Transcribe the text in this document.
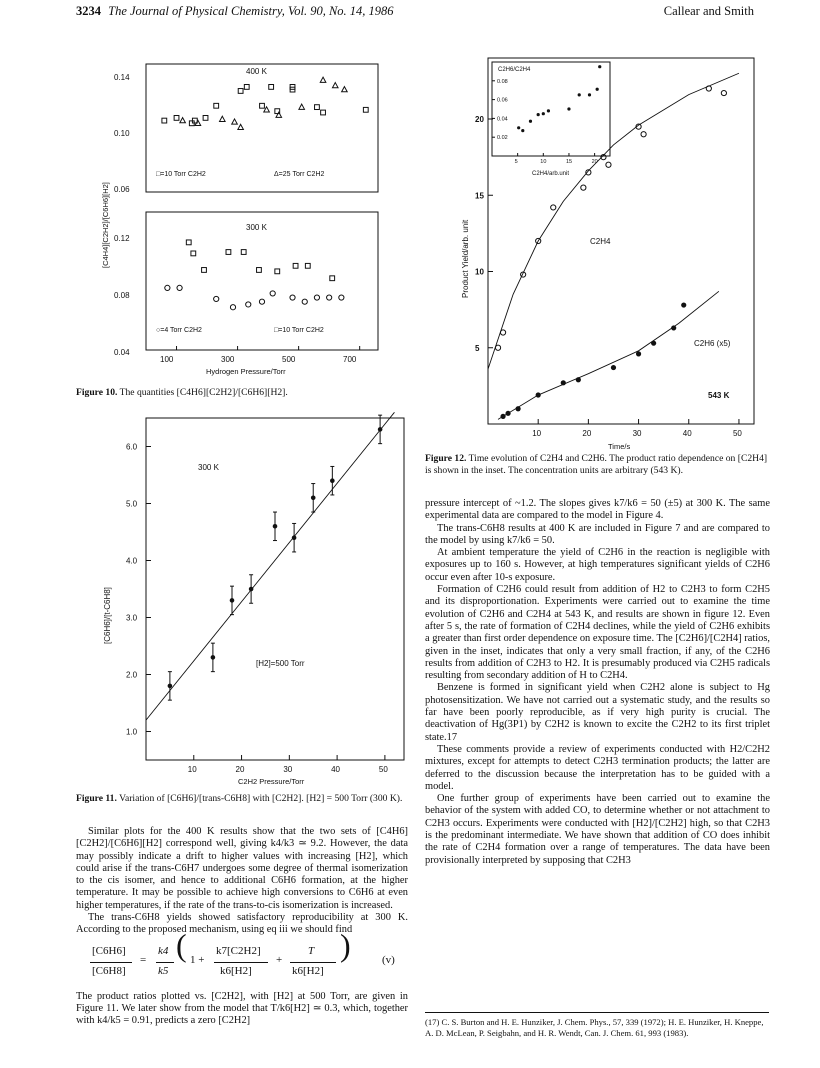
3234 The Journal of Physical Chemistry, Vol. 90, No. 14, 1986	Callear and Smith
400 K
300 K
0.14
0.10
0.06
0.12
0.08
0.04
□=10 Torr C2H2	Δ=25 Torr C2H2
○=4 Torr C2H2	□=10 Torr C2H2
100	300	500	700
Hydrogen Pressure/Torr
[C4H4][C2H2]/[C6H6][H2]
Figure 10. The quantities [C4H6][C2H2]/[C6H6][H2].
300 K
[H2]=500 Torr
[C6H6]/[t-C6H8]
C2H2 Pressure/Torr
6.0
5.0
4.0
3.0
2.0
1.0
10	20	30	40	50
Figure 11. Variation of [C6H6]/[trans-C6H8] with [C2H2]. [H2] = 500 Torr (300 K).

Similar plots for the 400 K results show that the two sets of [C4H6][C2H2]/[C6H6][H2] correspond well, giving k4/k3 ≃ 9.2. However, the data may possibly indicate a drift to higher values with increasing [H2], which could arise if the trans-C6H7 undergoes some degree of thermal isomerization to the cis isomer, and hence to additional C6H6 formation, at the higher temperature. It may be possible to achieve high conversions to C6H6 at even higher temperatures, if the rate of the trans-to-cis isomerization is increased.

The trans-C6H8 yields showed satisfactory reproducibility at 300 K. According to the proposed mechanism, using eq iii we should find

[C6H6]
[C6H8]
=
k4
k5
( 1 +
k7[C2H2]
k6[H2]
+
T
k6[H2]
)	(v)

The product ratios plotted vs. [C2H2], with [H2] at 500 Torr, are given in Figure 11. We later show from the model that T/k6[H2] ≃ 0.3, which, together with k4/k5 = 0.91, predicts a zero [C2H2]

C2H6/C2H4
C2H4/arb.unit
Product Yield/arb. unit
Time/s
C2H4
C2H6 (x5)
543 K
20
15
10
5
10	20	30	40	50
0.08
0.06
0.04
0.02
5	10	15	20
Figure 12. Time evolution of C2H4 and C2H6. The product ratio dependence on [C2H4] is shown in the inset. The concentration units are arbitrary (543 K).

pressure intercept of ~1.2. The slopes gives k7/k6 = 50 (±5) at 300 K. The same experimental data are compared to the model in Figure 4.

The trans-C6H8 results at 400 K are included in Figure 7 and are compared to the model by using k7/k6 = 50.

At ambient temperature the yield of C2H6 in the reaction is negligible with exposures up to 160 s. However, at high temperatures significant yields of C2H6 occur even after 10-s exposure.

Formation of C2H6 could result from addition of H2 to C2H3 to form C2H5 and its disproportionation. Experiments were carried out to examine the time evolution of C2H6 and C2H4 at 543 K, and results are shown in figure 12. Even after 5 s, the rate of formation of C2H4 declines, while the yield of C2H6 exhibits a greater than first order dependence on exposure time. The [C2H6]/[C2H4] ratios, given in the inset, indicates that only a very small fraction, if any, of the C2H6 results from addition of C2H3 to H2. It is presumably produced via C2H5 radicals resulting from secondary addition of H to C2H4.

Benzene is formed in significant yield when C2H2 alone is subject to Hg photosensitization. We have not carried out a systematic study, and the results so far have been poorly reproducible, as if very high purity is crucial. The deactivation of Hg(3P1) by C2H2 is known to excite the C2H2 to its first triplet state.17

These comments provide a review of experiments conducted with H2/C2H2 mixtures, except for attempts to detect C2H3 termination products; the latter are deferred to the discussion because the interpretation has to be guided with a model.

One further group of experiments have been carried out to examine the behavior of the system with added CO, to determine whether or not attachment to C2H3 occurs. Experiments were conducted with [H2]/[C2H2] high, so that C2H3 is the predominant intermediate. We have shown that addition of CO does inhibit the rate of C2H4 formation over a range of temperatures. The data have been provisionally interpreted by supposing that C2H3

(17) C. S. Burton and H. E. Hunziker, J. Chem. Phys., 57, 339 (1972); H. E. Hunziker, H. Kneppe, A. D. McLean, P. Seigbahn, and H. R. Wendt, Can. J. Chem. 61, 993 (1983).
